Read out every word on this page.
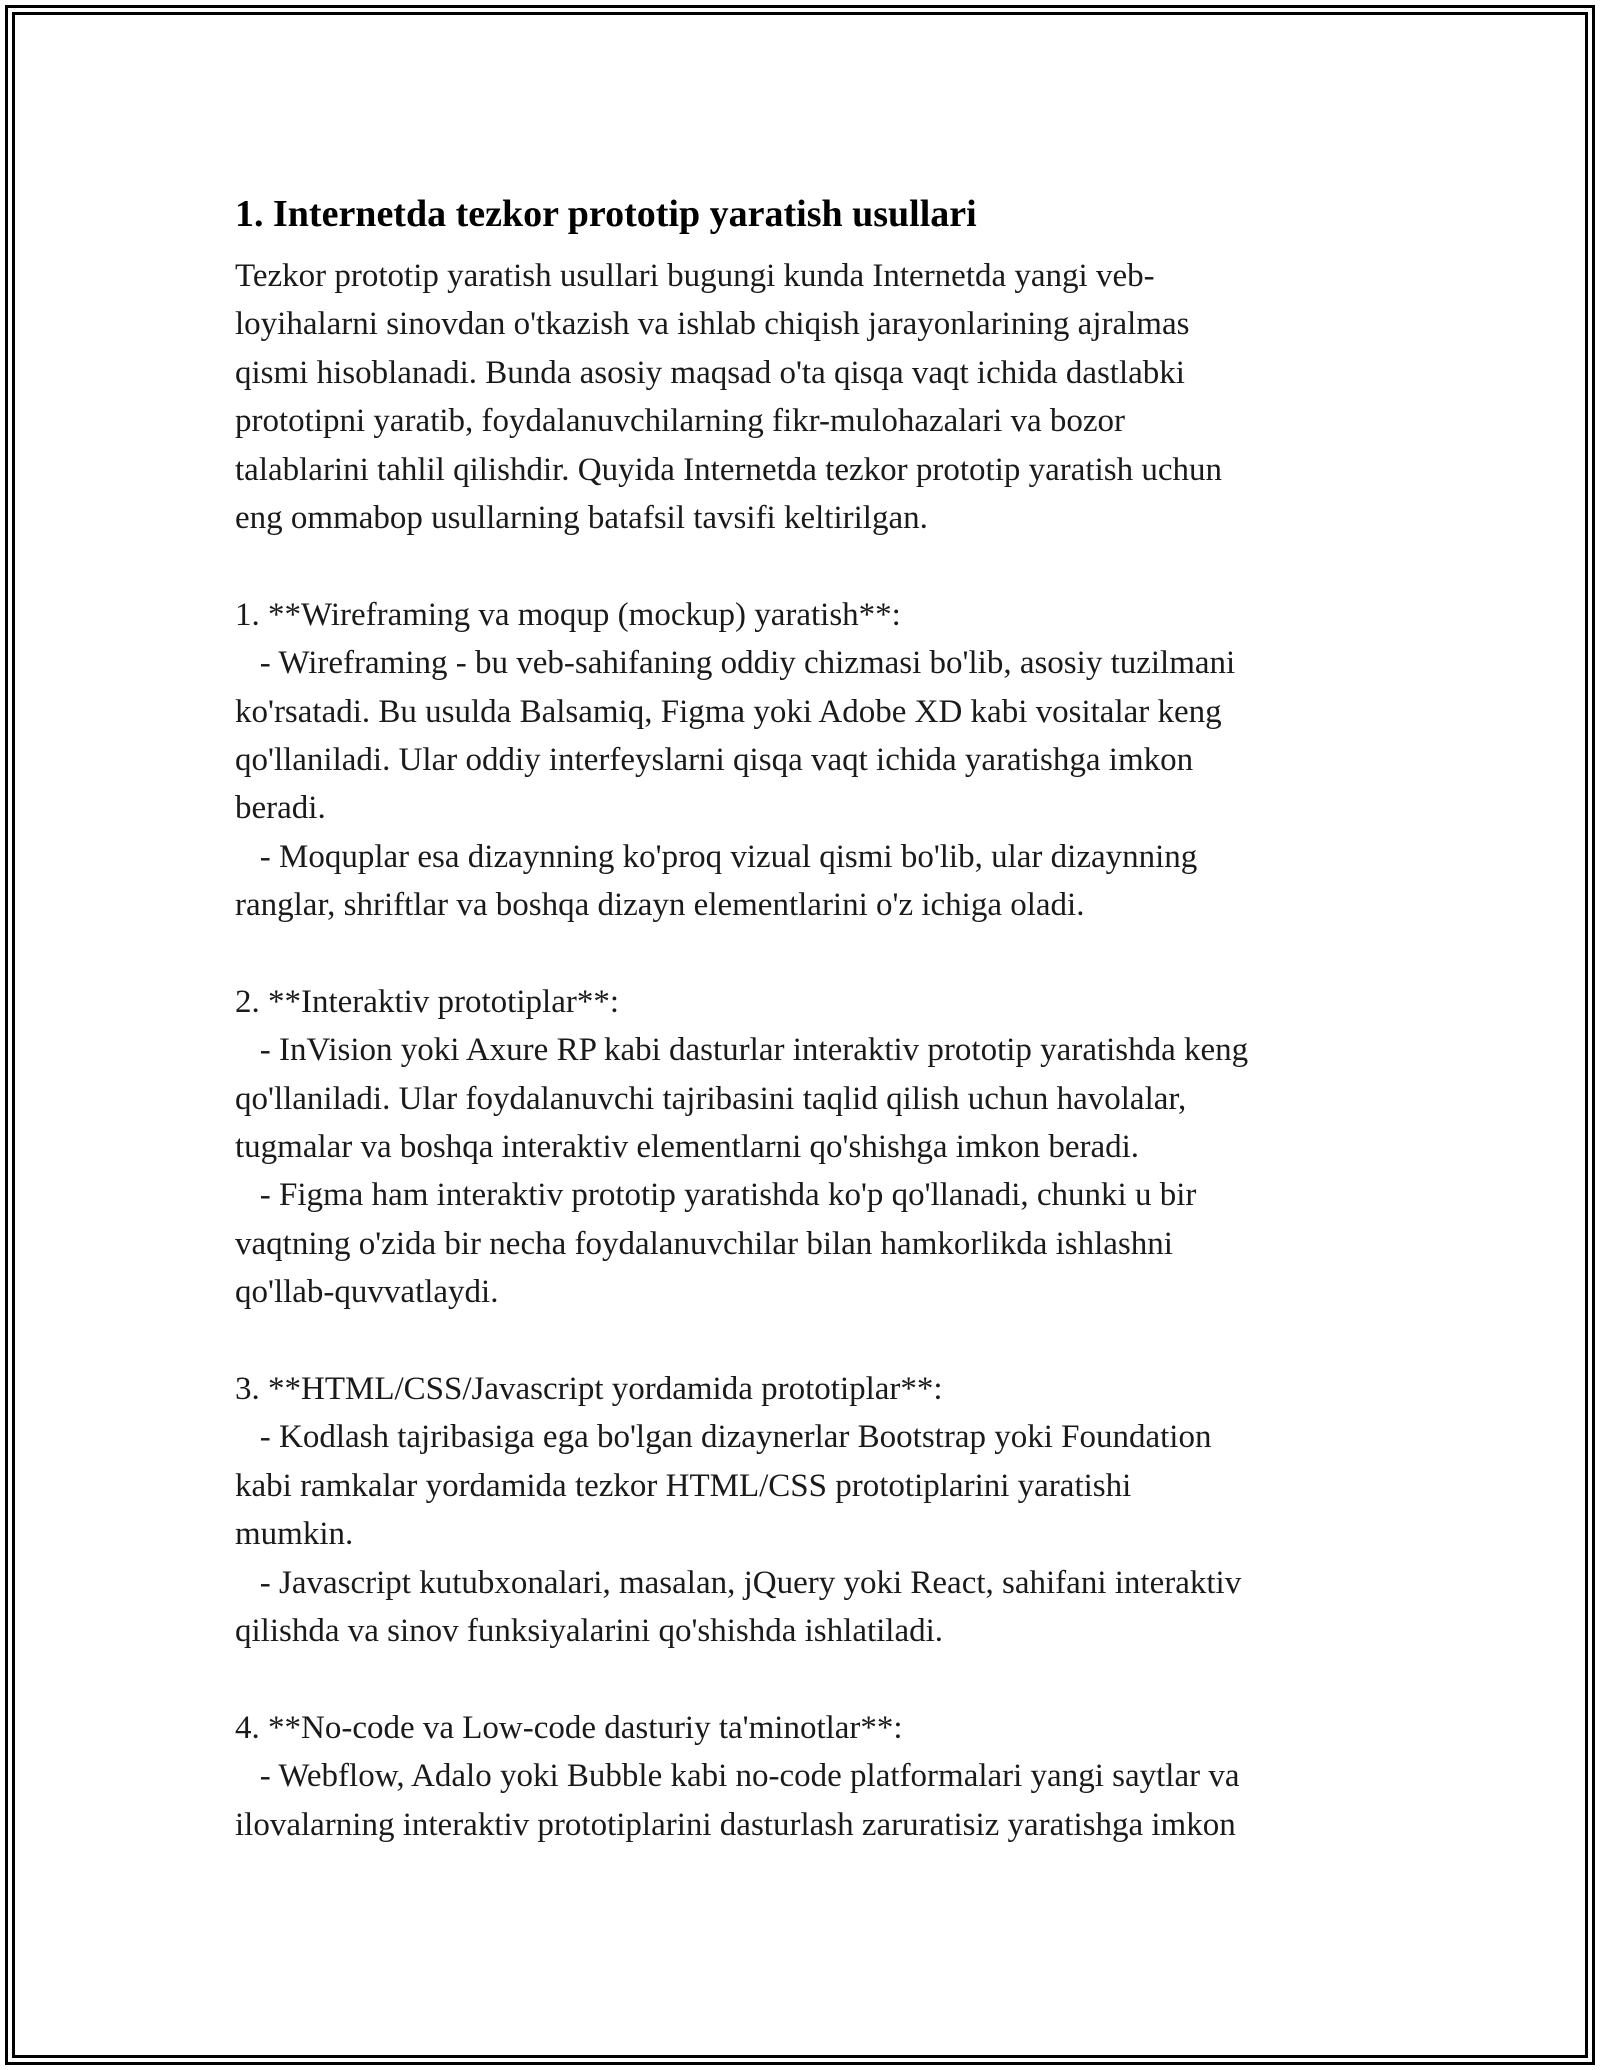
1. Internetda tezkor prototip yaratish usullari
Tezkor prototip yaratish usullari bugungi kunda Internetda yangi veb-
loyihalarni sinovdan o'tkazish va ishlab chiqish jarayonlarining ajralmas
qismi hisoblanadi. Bunda asosiy maqsad o'ta qisqa vaqt ichida dastlabki
prototipni yaratib, foydalanuvchilarning fikr-mulohazalari va bozor
talablarini tahlil qilishdir. Quyida Internetda tezkor prototip yaratish uchun
eng ommabop usullarning batafsil tavsifi keltirilgan.
1. **Wireframing va moqup (mockup) yaratish**:
- Wireframing - bu veb-sahifaning oddiy chizmasi bo'lib, asosiy tuzilmani
ko'rsatadi. Bu usulda Balsamiq, Figma yoki Adobe XD kabi vositalar keng
qo'llaniladi. Ular oddiy interfeyslarni qisqa vaqt ichida yaratishga imkon
beradi.
- Moquplar esa dizaynning ko'proq vizual qismi bo'lib, ular dizaynning
ranglar, shriftlar va boshqa dizayn elementlarini o'z ichiga oladi.
2. **Interaktiv prototiplar**:
- InVision yoki Axure RP kabi dasturlar interaktiv prototip yaratishda keng
qo'llaniladi. Ular foydalanuvchi tajribasini taqlid qilish uchun havolalar,
tugmalar va boshqa interaktiv elementlarni qo'shishga imkon beradi.
- Figma ham interaktiv prototip yaratishda ko'p qo'llanadi, chunki u bir
vaqtning o'zida bir necha foydalanuvchilar bilan hamkorlikda ishlashni
qo'llab-quvvatlaydi.
3. **HTML/CSS/Javascript yordamida prototiplar**:
- Kodlash tajribasiga ega bo'lgan dizaynerlar Bootstrap yoki Foundation
kabi ramkalar yordamida tezkor HTML/CSS prototiplarini yaratishi
mumkin.
- Javascript kutubxonalari, masalan, jQuery yoki React, sahifani interaktiv
qilishda va sinov funksiyalarini qo'shishda ishlatiladi.
4. **No-code va Low-code dasturiy ta'minotlar**:
- Webflow, Adalo yoki Bubble kabi no-code platformalari yangi saytlar va
ilovalarning interaktiv prototiplarini dasturlash zaruratisiz yaratishga imkon
